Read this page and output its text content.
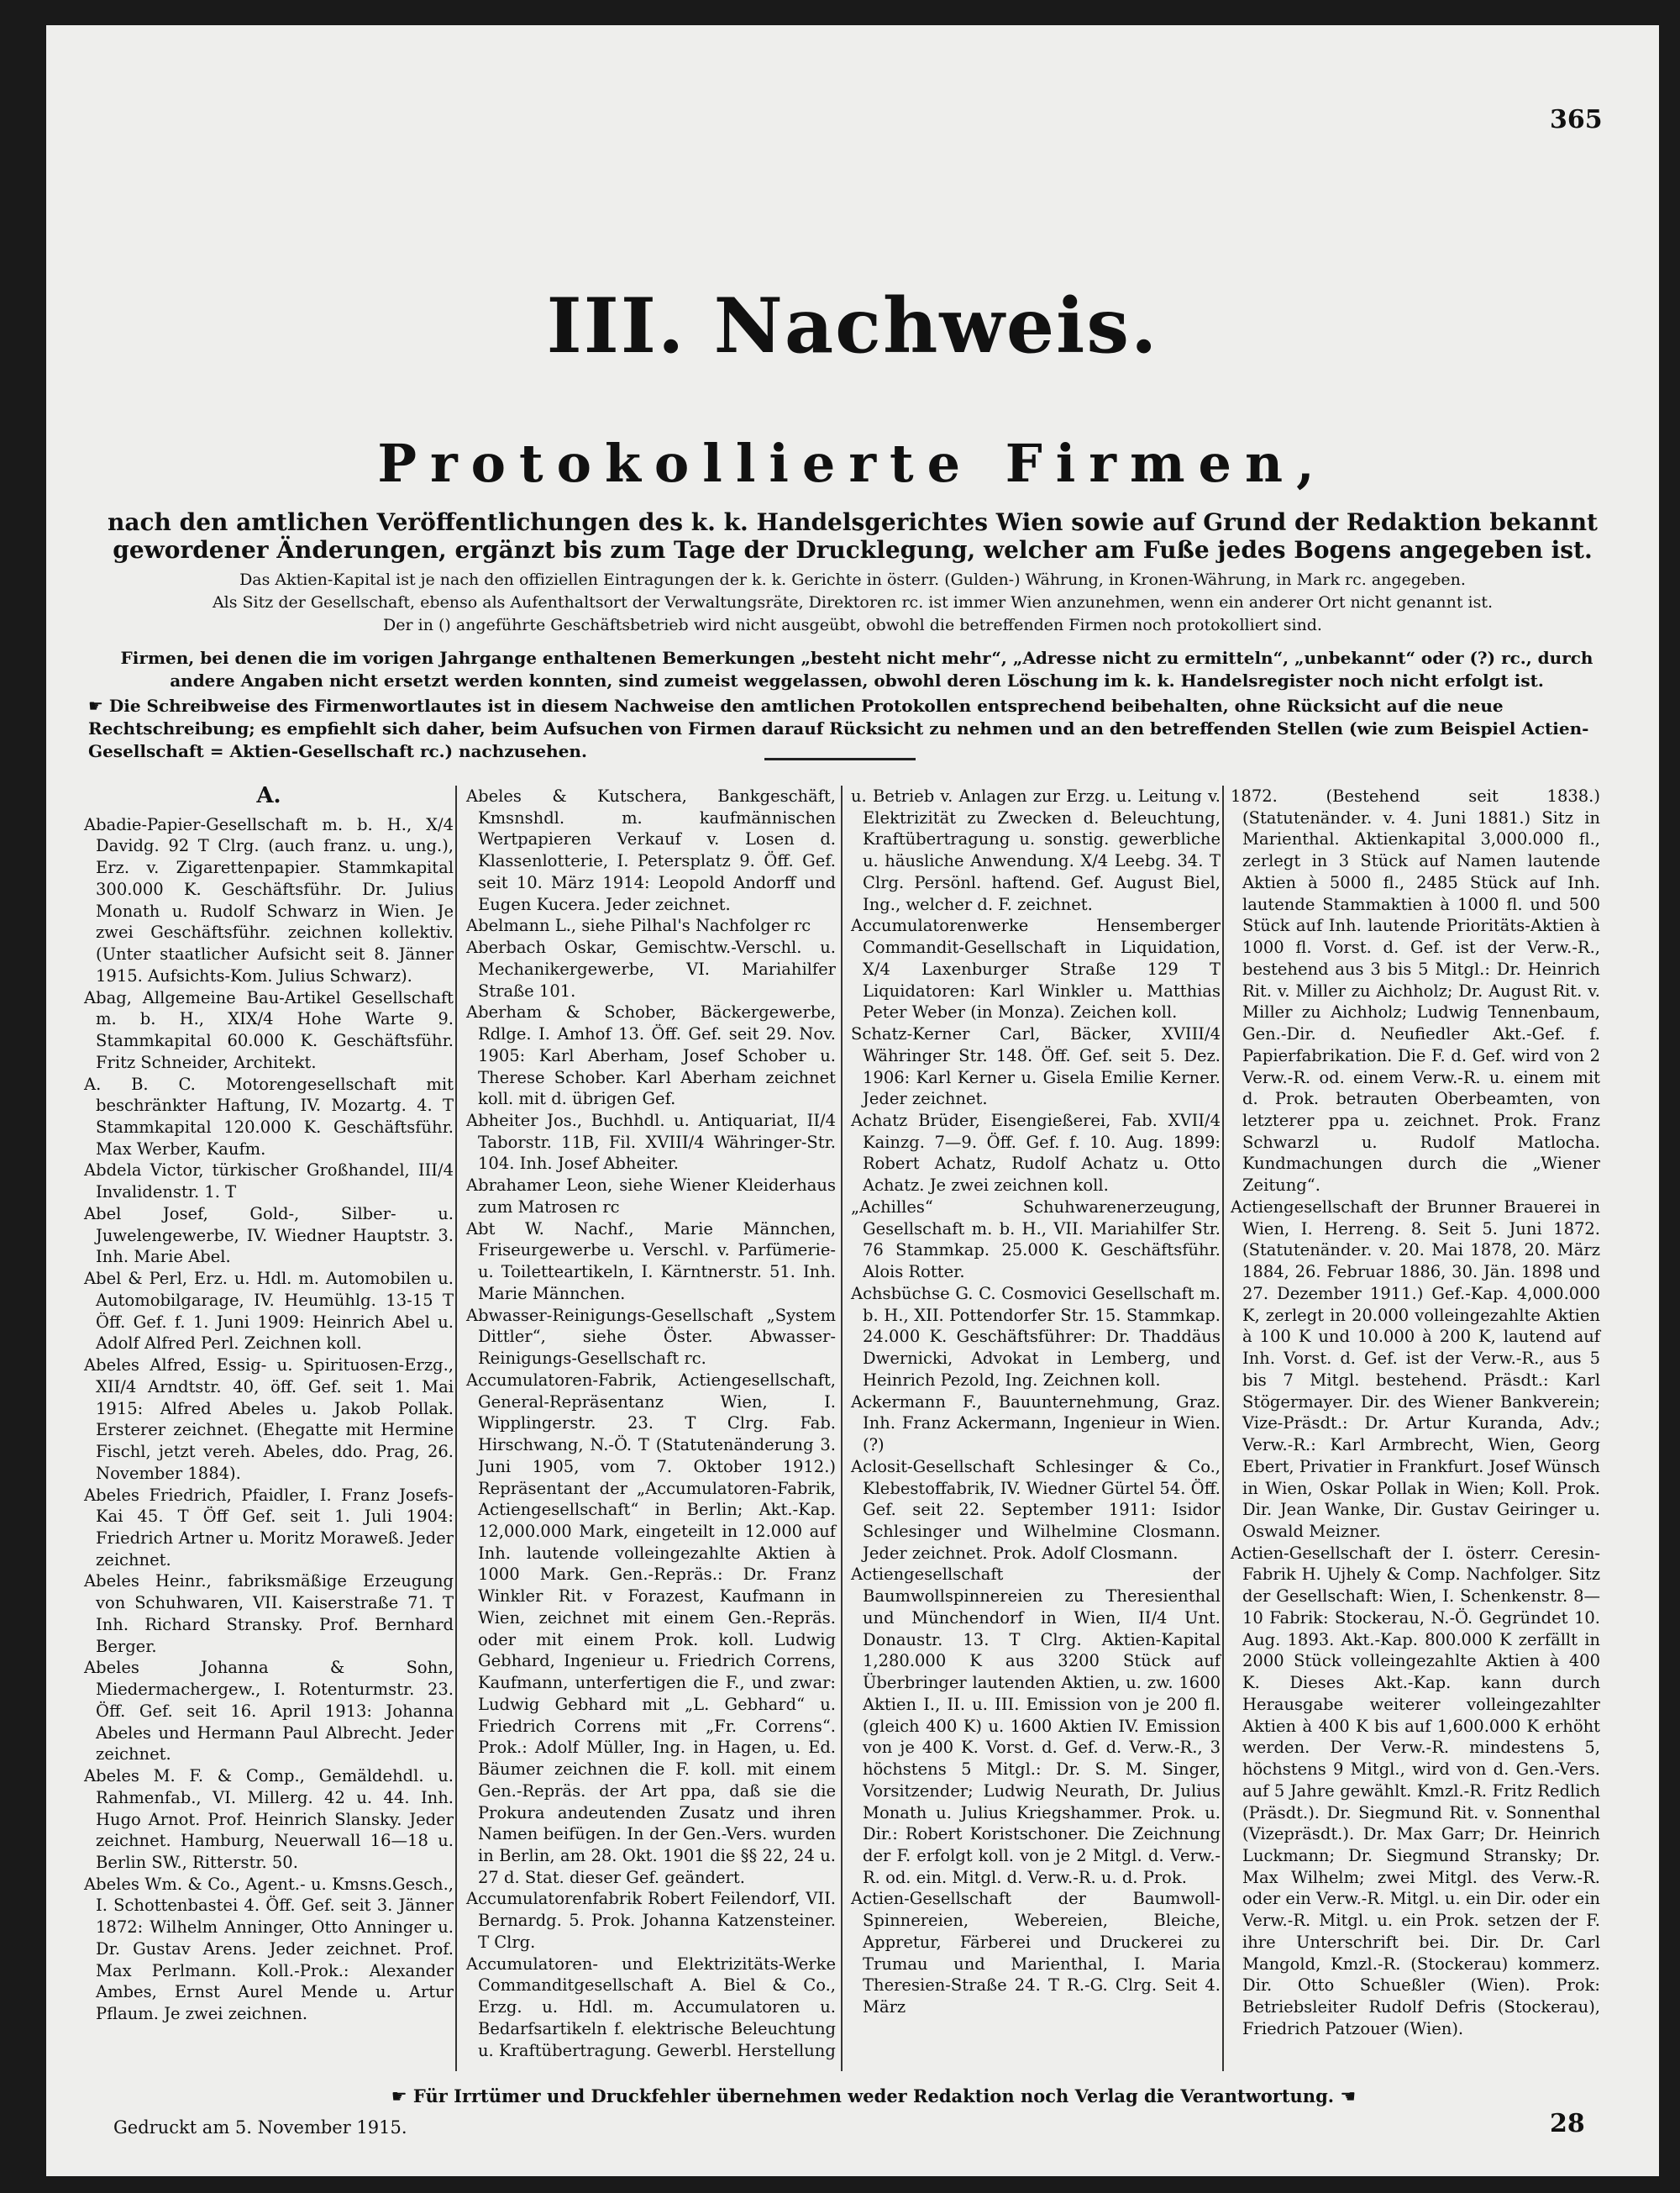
365
III. Nachweis.
Protokollierte Firmen,
nach den amtlichen Veröffentlichungen des k. k. Handelsgerichtes Wien sowie auf Grund der Redaktion bekannt gewordener Änderungen, ergänzt bis zum Tage der Drucklegung, welcher am Fuße jedes Bogens angegeben ist.
Das Aktien-Kapital ist je nach den offiziellen Eintragungen der k. k. Gerichte in österr. (Gulden-) Währung, in Kronen-Währung, in Mark rc. angegeben.
Als Sitz der Gesellschaft, ebenso als Aufenthaltsort der Verwaltungsräte, Direktoren rc. ist immer Wien anzunehmen, wenn ein anderer Ort nicht genannt ist.
Der in () angeführte Geschäftsbetrieb wird nicht ausgeübt, obwohl die betreffenden Firmen noch protokolliert sind.
Firmen, bei denen die im vorigen Jahrgange enthaltenen Bemerkungen „besteht nicht mehr“, „Adresse nicht zu ermitteln“, „unbekannt“ oder (?) rc., durch andere Angaben nicht ersetzt werden konnten, sind zumeist weggelassen, obwohl deren Löschung im k. k. Handelsregister noch nicht erfolgt ist.
☛ Die Schreibweise des Firmenwortlautes ist in diesem Nachweise den amtlichen Protokollen entsprechend beibehalten, ohne Rücksicht auf die neue Rechtschreibung; es empfiehlt sich daher, beim Aufsuchen von Firmen darauf Rücksicht zu nehmen und an den betreffenden Stellen (wie zum Beispiel Actien-Gesellschaft = Aktien-Gesellschaft rc.) nachzusehen.
A.

Abadie-Papier-Gesellschaft m. b. H., X/4 Davidg. 92 T Clrg. (auch franz. u. ung.), Erz. v. Zigarettenpapier. Stammkapital 300.000 K. Geschäftsführ. Dr. Julius Monath u. Rudolf Schwarz in Wien. Je zwei Geschäftsführ. zeichnen kollektiv. (Unter staatlicher Aufsicht seit 8. Jänner 1915. Aufsichts-Kom. Julius Schwarz).

Abag, Allgemeine Bau-Artikel Gesellschaft m. b. H., XIX/4 Hohe Warte 9. Stammkapital 60.000 K. Geschäftsführ. Fritz Schneider, Architekt.

A. B. C. Motorengesellschaft mit beschränkter Haftung, IV. Mozartg. 4. T Stammkapital 120.000 K. Geschäftsführ. Max Werber, Kaufm.

Abdela Victor, türkischer Großhandel, III/4 Invalidenstr. 1. T

Abel Josef, Gold-, Silber- u. Juwelengewerbe, IV. Wiedner Hauptstr. 3. Inh. Marie Abel.

Abel & Perl, Erz. u. Hdl. m. Automobilen u. Automobilgarage, IV. Heumühlg. 13-15 T Öff. Gef. f. 1. Juni 1909: Heinrich Abel u. Adolf Alfred Perl. Zeichnen koll.

Abeles Alfred, Essig- u. Spirituosen-Erzg., XII/4 Arndtstr. 40, öff. Gef. seit 1. Mai 1915: Alfred Abeles u. Jakob Pollak. Ersterer zeichnet. (Ehegatte mit Hermine Fischl, jetzt vereh. Abeles, ddo. Prag, 26. November 1884).

Abeles Friedrich, Pfaidler, I. Franz Josefs-Kai 45. T Öff Gef. seit 1. Juli 1904: Friedrich Artner u. Moritz Moraweß. Jeder zeichnet.

Abeles Heinr., fabriksmäßige Erzeugung von Schuhwaren, VII. Kaiserstraße 71. T Inh. Richard Stransky. Prof. Bernhard Berger.

Abeles Johanna & Sohn, Miedermachergew., I. Rotenturmstr. 23. Öff. Gef. seit 16. April 1913: Johanna Abeles und Hermann Paul Albrecht. Jeder zeichnet.

Abeles M. F. & Comp., Gemäldehdl. u. Rahmenfab., VI. Millerg. 42 u. 44. Inh. Hugo Arnot. Prof. Heinrich Slansky. Jeder zeichnet. Hamburg, Neuerwall 16—18 u. Berlin SW., Ritterstr. 50.

Abeles Wm. & Co., Agent.- u. Kmsns.Gesch., I. Schottenbastei 4. Öff. Gef. seit 3. Jänner 1872: Wilhelm Anninger, Otto Anninger u. Dr. Gustav Arens. Jeder zeichnet. Prof. Max Perlmann. Koll.-Prok.: Alexander Ambes, Ernst Aurel Mende u. Artur Pflaum. Je zwei zeichnen.

Abeles & Kutschera, Bankgeschäft, Kmsnshdl. m. kaufmännischen Wertpapieren Verkauf v. Losen d. Klassenlotterie, I. Petersplatz 9. Öff. Gef. seit 10. März 1914: Leopold Andorff und Eugen Kucera. Jeder zeichnet.

Abelmann L., siehe Pilhal's Nachfolger rc

Aberbach Oskar, Gemischtw.-Verschl. u. Mechanikergewerbe, VI. Mariahilfer Straße 101.

Aberham & Schober, Bäckergewerbe, Rdlge. I. Amhof 13. Öff. Gef. seit 29. Nov. 1905: Karl Aberham, Josef Schober u. Therese Schober. Karl Aberham zeichnet koll. mit d. übrigen Gef.

Abheiter Jos., Buchhdl. u. Antiquariat, II/4 Taborstr. 11B, Fil. XVIII/4 Währinger-Str. 104. Inh. Josef Abheiter.

Abrahamer Leon, siehe Wiener Kleiderhaus zum Matrosen rc

Abt W. Nachf., Marie Männchen, Friseurgewerbe u. Verschl. v. Parfümerie- u. Toiletteartikeln, I. Kärntnerstr. 51. Inh. Marie Männchen.

Abwasser-Reinigungs-Gesellschaft „System Dittler“, siehe Öster. Abwasser-Reinigungs-Gesellschaft rc.

Accumulatoren-Fabrik, Actiengesellschaft, General-Repräsentanz Wien, I. Wipplingerstr. 23. T Clrg. Fab. Hirschwang, N.-Ö. T (Statutenänderung 3. Juni 1905, vom 7. Oktober 1912.) Repräsentant der „Accumulatoren-Fabrik, Actiengesellschaft“ in Berlin; Akt.-Kap. 12,000.000 Mark, eingeteilt in 12.000 auf Inh. lautende volleingezahlte Aktien à 1000 Mark. Gen.-Repräs.: Dr. Franz Winkler Rit. v Forazest, Kaufmann in Wien, zeichnet mit einem Gen.-Repräs. oder mit einem Prok. koll. Ludwig Gebhard, Ingenieur u. Friedrich Correns, Kaufmann, unterfertigen die F., und zwar: Ludwig Gebhard mit „L. Gebhard“ u. Friedrich Correns mit „Fr. Correns“. Prok.: Adolf Müller, Ing. in Hagen, u. Ed. Bäumer zeichnen die F. koll. mit einem Gen.-Repräs. der Art ppa, daß sie die Prokura andeutenden Zusatz und ihren Namen beifügen. In der Gen.-Vers. wurden in Berlin, am 28. Okt. 1901 die §§ 22, 24 u. 27 d. Stat. dieser Gef. geändert.

Accumulatorenfabrik Robert Feilendorf, VII. Bernardg. 5. Prok. Johanna Katzensteiner. T Clrg.

Accumulatoren- und Elektrizitäts-Werke Commanditgesellschaft A. Biel & Co., Erzg. u. Hdl. m. Accumulatoren u. Bedarfsartikeln f. elektrische Beleuchtung u. Kraftübertragung. Gewerbl. Herstellung

u. Betrieb v. Anlagen zur Erzg. u. Leitung v. Elektrizität zu Zwecken d. Beleuchtung, Kraftübertragung u. sonstig. gewerbliche u. häusliche Anwendung. X/4 Leebg. 34. T Clrg. Persönl. haftend. Gef. August Biel, Ing., welcher d. F. zeichnet.

Accumulatorenwerke Hensemberger Commandit-Gesellschaft in Liquidation, X/4 Laxenburger Straße 129 T Liquidatoren: Karl Winkler u. Matthias Peter Weber (in Monza). Zeichen koll.

Schatz-Kerner Carl, Bäcker, XVIII/4 Währinger Str. 148. Öff. Gef. seit 5. Dez. 1906: Karl Kerner u. Gisela Emilie Kerner. Jeder zeichnet.

Achatz Brüder, Eisengießerei, Fab. XVII/4 Kainzg. 7—9. Öff. Gef. f. 10. Aug. 1899: Robert Achatz, Rudolf Achatz u. Otto Achatz. Je zwei zeichnen koll.

„Achilles“ Schuhwarenerzeugung, Gesellschaft m. b. H., VII. Mariahilfer Str. 76 Stammkap. 25.000 K. Geschäftsführ. Alois Rotter.

Achsbüchse G. C. Cosmovici Gesellschaft m. b. H., XII. Pottendorfer Str. 15. Stammkap. 24.000 K. Geschäftsführer: Dr. Thaddäus Dwernicki, Advokat in Lemberg, und Heinrich Pezold, Ing. Zeichnen koll.

Ackermann F., Bauunternehmung, Graz. Inh. Franz Ackermann, Ingenieur in Wien. (?)

Aclosit-Gesellschaft Schlesinger & Co., Klebestoffabrik, IV. Wiedner Gürtel 54. Öff. Gef. seit 22. September 1911: Isidor Schlesinger und Wilhelmine Closmann. Jeder zeichnet. Prok. Adolf Closmann.

Actiengesellschaft der Baumwollspinnereien zu Theresienthal und Münchendorf in Wien, II/4 Unt. Donaustr. 13. T Clrg. Aktien-Kapital 1,280.000 K aus 3200 Stück auf Überbringer lautenden Aktien, u. zw. 1600 Aktien I., II. u. III. Emission von je 200 fl. (gleich 400 K) u. 1600 Aktien IV. Emission von je 400 K. Vorst. d. Gef. d. Verw.-R., 3 höchstens 5 Mitgl.: Dr. S. M. Singer, Vorsitzender; Ludwig Neurath, Dr. Julius Monath u. Julius Kriegshammer. Prok. u. Dir.: Robert Koristschoner. Die Zeichnung der F. erfolgt koll. von je 2 Mitgl. d. Verw.-R. od. ein. Mitgl. d. Verw.-R. u. d. Prok.

Actien-Gesellschaft der Baumwoll-Spinnereien, Webereien, Bleiche, Appretur, Färberei und Druckerei zu Trumau und Marienthal, I. Maria Theresien-Straße 24. T R.-G. Clrg. Seit 4. März

1872. (Bestehend seit 1838.) (Statutenänder. v. 4. Juni 1881.) Sitz in Marienthal. Aktienkapital 3,000.000 fl., zerlegt in 3 Stück auf Namen lautende Aktien à 5000 fl., 2485 Stück auf Inh. lautende Stammaktien à 1000 fl. und 500 Stück auf Inh. lautende Prioritäts-Aktien à 1000 fl. Vorst. d. Gef. ist der Verw.-R., bestehend aus 3 bis 5 Mitgl.: Dr. Heinrich Rit. v. Miller zu Aichholz; Dr. August Rit. v. Miller zu Aichholz; Ludwig Tennenbaum, Gen.-Dir. d. Neufiedler Akt.-Gef. f. Papierfabrikation. Die F. d. Gef. wird von 2 Verw.-R. od. einem Verw.-R. u. einem mit d. Prok. betrauten Oberbeamten, von letzterer ppa u. zeichnet. Prok. Franz Schwarzl u. Rudolf Matlocha. Kundmachungen durch die „Wiener Zeitung“.

Actiengesellschaft der Brunner Brauerei in Wien, I. Herreng. 8. Seit 5. Juni 1872. (Statutenänder. v. 20. Mai 1878, 20. März 1884, 26. Februar 1886, 30. Jän. 1898 und 27. Dezember 1911.) Gef.-Kap. 4,000.000 K, zerlegt in 20.000 volleingezahlte Aktien à 100 K und 10.000 à 200 K, lautend auf Inh. Vorst. d. Gef. ist der Verw.-R., aus 5 bis 7 Mitgl. bestehend. Präsdt.: Karl Stögermayer. Dir. des Wiener Bankverein; Vize-Präsdt.: Dr. Artur Kuranda, Adv.; Verw.-R.: Karl Armbrecht, Wien, Georg Ebert, Privatier in Frankfurt. Josef Wünsch in Wien, Oskar Pollak in Wien; Koll. Prok. Dir. Jean Wanke, Dir. Gustav Geiringer u. Oswald Meizner.

Actien-Gesellschaft der I. österr. Ceresin-Fabrik H. Ujhely & Comp. Nachfolger. Sitz der Gesellschaft: Wien, I. Schenkenstr. 8—10 Fabrik: Stockerau, N.-Ö. Gegründet 10. Aug. 1893. Akt.-Kap. 800.000 K zerfällt in 2000 Stück volleingezahlte Aktien à 400 K. Dieses Akt.-Kap. kann durch Herausgabe weiterer volleingezahlter Aktien à 400 K bis auf 1,600.000 K erhöht werden. Der Verw.-R. mindestens 5, höchstens 9 Mitgl., wird von d. Gen.-Vers. auf 5 Jahre gewählt. Kmzl.-R. Fritz Redlich (Präsdt.). Dr. Siegmund Rit. v. Sonnenthal (Vizepräsdt.). Dr. Max Garr; Dr. Heinrich Luckmann; Dr. Siegmund Stransky; Dr. Max Wilhelm; zwei Mitgl. des Verw.-R. oder ein Verw.-R. Mitgl. u. ein Dir. oder ein Verw.-R. Mitgl. u. ein Prok. setzen der F. ihre Unterschrift bei. Dir. Dr. Carl Mangold, Kmzl.-R. (Stockerau) kommerz. Dir. Otto Schueßler (Wien). Prok: Betriebsleiter Rudolf Defris (Stockerau), Friedrich Patzouer (Wien).

☛ Für Irrtümer und Druckfehler übernehmen weder Redaktion noch Verlag die Verantwortung. ☚
Gedruckt am 5. November 1915.	28
